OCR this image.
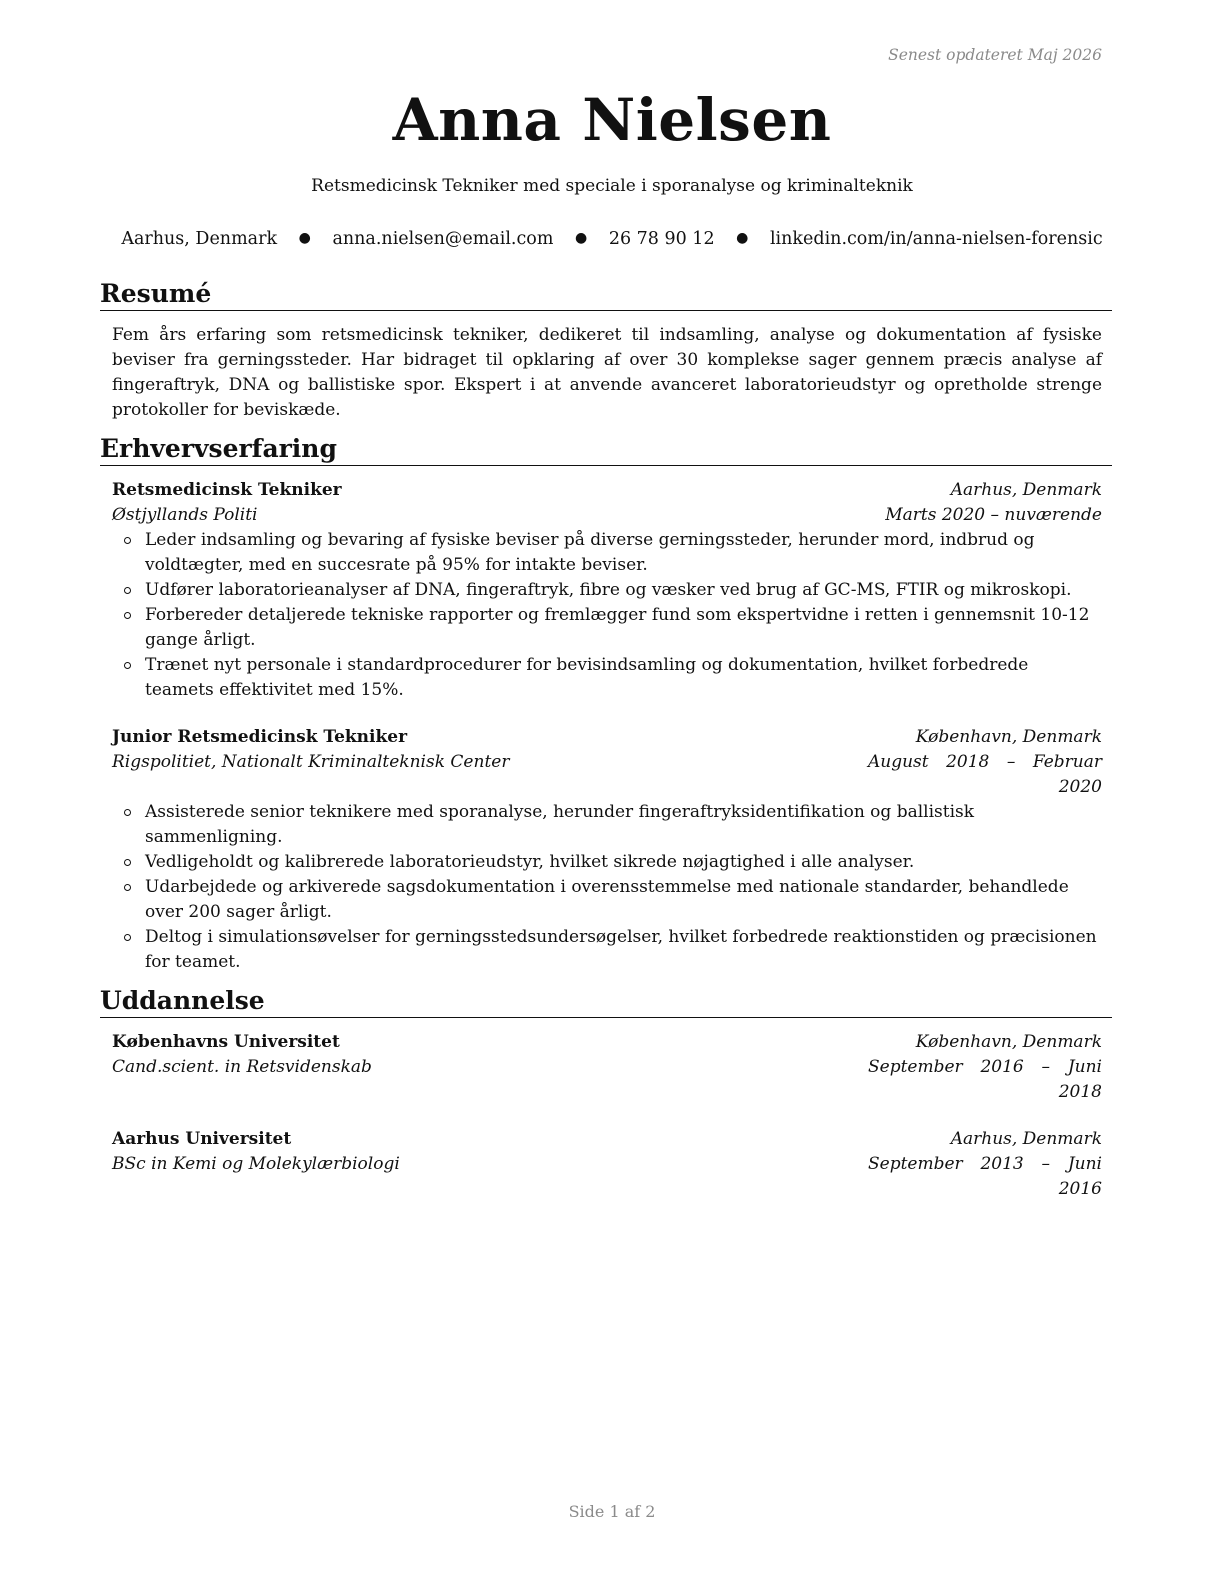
Senest opdateret Maj 2026
Anna Nielsen
Retsmedicinsk Tekniker med speciale i sporanalyse og kriminalteknik
Aarhus, Denmark ● anna.nielsen@email.com ● 26 78 90 12 ● linkedin.com/in/anna-nielsen-forensic
Resumé
Fem års erfaring som retsmedicinsk tekniker, dedikeret til indsamling, analyse og dokumentation af fysiske beviser fra gerningssteder. Har bidraget til opklaring af over 30 komplekse sager gennem præcis analyse af fingeraftryk, DNA og ballistiske spor. Ekspert i at anvende avanceret laboratorieudstyr og opretholde strenge protokoller for beviskæde.
Erhvervserfaring
Retsmedicinsk Tekniker	Aarhus, Denmark
Østjyllands Politi	Marts 2020 – nuværende
Leder indsamling og bevaring af fysiske beviser på diverse gerningssteder, herunder mord, indbrud og voldtægter, med en succesrate på 95% for intakte beviser.
Udfører laboratorieanalyser af DNA, fingeraftryk, fibre og væsker ved brug af GC-MS, FTIR og mikroskopi.
Forbereder detaljerede tekniske rapporter og fremlægger fund som ekspertvidne i retten i gennemsnit 10-12 gange årligt.
Trænet nyt personale i standardprocedurer for bevisindsamling og dokumentation, hvilket forbedrede teamets effektivitet med 15%.
Junior Retsmedicinsk Tekniker	København, Denmark
Rigspolitiet, Nationalt Kriminalteknisk Center	August 2018 – Februar 2020
Assisterede senior teknikere med sporanalyse, herunder fingeraftryksidentifikation og ballistisk sammenligning.
Vedligeholdt og kalibrerede laboratorieudstyr, hvilket sikrede nøjagtighed i alle analyser.
Udarbejdede og arkiverede sagsdokumentation i overensstemmelse med nationale standarder, behandlede over 200 sager årligt.
Deltog i simulationsøvelser for gerningsstedsundersøgelser, hvilket forbedrede reaktionstiden og præcisionen for teamet.
Uddannelse
Københavns Universitet	København, Denmark
Cand.scient. in Retsvidenskab	September 2016 – Juni 2018
Aarhus Universitet	Aarhus, Denmark
BSc in Kemi og Molekylærbiologi	September 2013 – Juni 2016
Side 1 af 2
